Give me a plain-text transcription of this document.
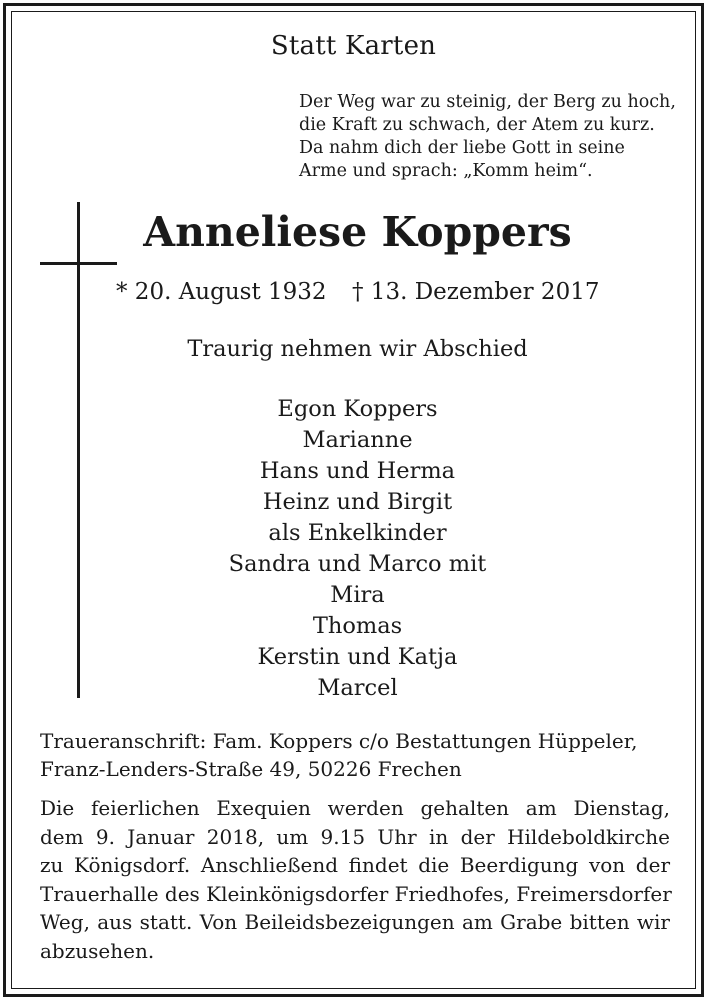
Statt Karten
Der Weg war zu steinig, der Berg zu hoch,
die Kraft zu schwach, der Atem zu kurz.
Da nahm dich der liebe Gott in seine
Arme und sprach: „Komm heim“.
Anneliese Koppers
* 20. August 1932 † 13. Dezember 2017
Traurig nehmen wir Abschied
Egon Koppers
Marianne
Hans und Herma
Heinz und Birgit
als Enkelkinder
Sandra und Marco mit
Mira
Thomas
Kerstin und Katja
Marcel
Traueranschrift: Fam. Koppers c/o Bestattungen Hüppeler,
Franz-Lenders-Straße 49, 50226 Frechen
Die feierlichen Exequien werden gehalten am Dienstag,
dem 9. Januar 2018, um 9.15 Uhr in der Hildeboldkirche
zu Königsdorf. Anschließend findet die Beerdigung von der
Trauerhalle des Kleinkönigsdorfer Friedhofes, Freimersdorfer
Weg, aus statt. Von Beileidsbezeigungen am Grabe bitten wir
abzusehen.
